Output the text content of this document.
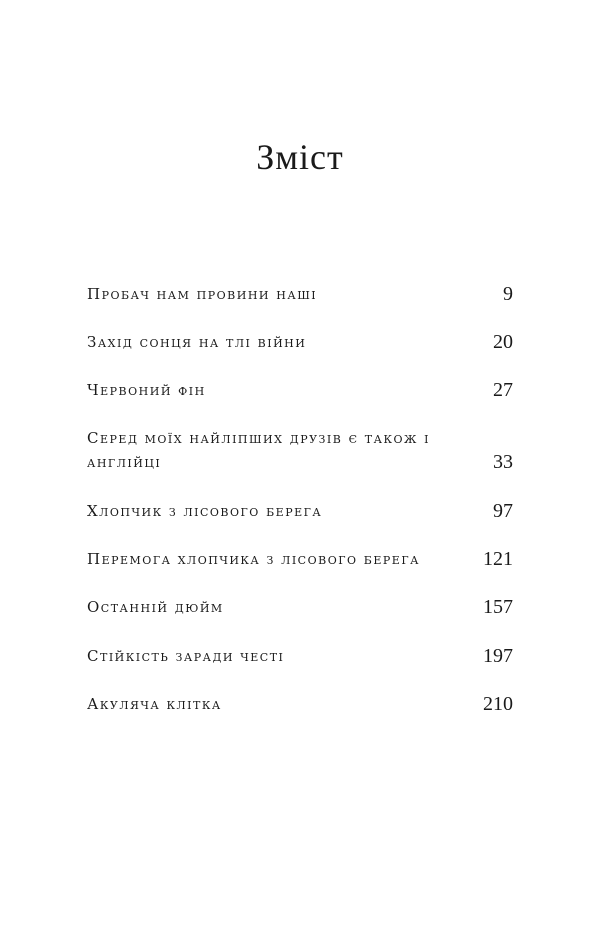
Зміст
Пробач нам провини наші	9
Захід сонця на тлі війни	20
Червоний фін	27
Серед моїх найліпших друзів є також і англійці	33
Хлопчик з лісового берега	97
Перемога хлопчика з лісового берега	121
Останній дюйм	157
Стійкість заради честі	197
Акуляча клітка	210
